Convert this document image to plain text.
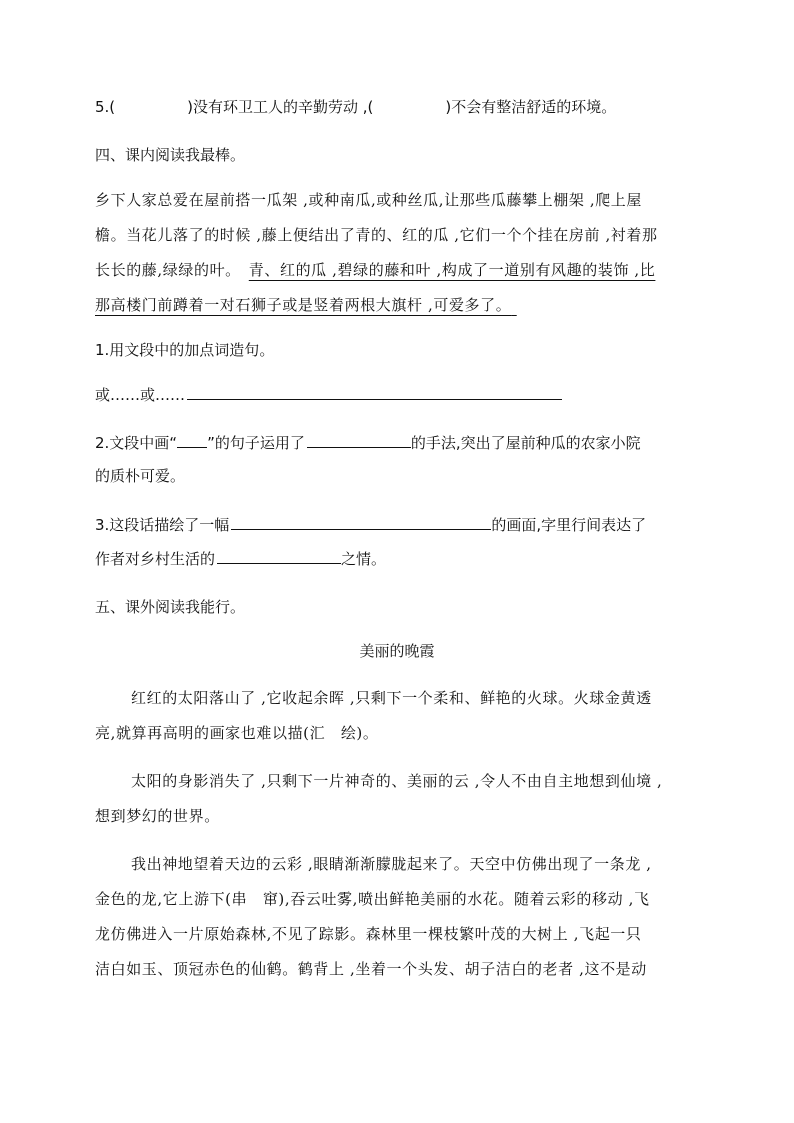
5.(	)没有环卫工人的辛勤劳动 ,(	)不会有整洁舒适的环境。
四、课内阅读我最棒。
乡下人家总爱在屋前搭一瓜架 ,或种南瓜,或种丝瓜,让那些瓜藤攀上棚架 ,爬上屋
檐。当花儿落了的时候 ,藤上便结出了青的、红的瓜 ,它们一个个挂在房前 ,衬着那
长长的藤,绿绿的叶。 青、红的瓜 ,碧绿的藤和叶 ,构成了一道别有风趣的装饰 ,比
那高楼门前蹲着一对石狮子或是竖着两根大旗杆 ,可爱多了。
1.用文段中的加点词造句。
或……或……
2.文段中画“ ”的句子运用了	的手法,突出了屋前种瓜的农家小院
的质朴可爱。
3.这段话描绘了一幅	的画面,字里行间表达了
作者对乡村生活的	之情。
五、课外阅读我能行。
美丽的晚霞
红红的太阳落山了 ,它收起余晖 ,只剩下一个柔和、鲜艳的火球。火球金黄透
亮,就算再高明的画家也难以描(汇　绘)。
太阳的身影消失了 ,只剩下一片神奇的、美丽的云 ,令人不由自主地想到仙境 ,
想到梦幻的世界。
我出神地望着天边的云彩 ,眼睛渐渐朦胧起来了。天空中仿佛出现了一条龙 ,
金色的龙,它上游下(串　窜),吞云吐雾,喷出鲜艳美丽的水花。随着云彩的移动 ,飞
龙仿佛进入一片原始森林,不见了踪影。森林里一棵枝繁叶茂的大树上 ,飞起一只
洁白如玉、顶冠赤色的仙鹤。鹤背上 ,坐着一个头发、胡子洁白的老者 ,这不是动
